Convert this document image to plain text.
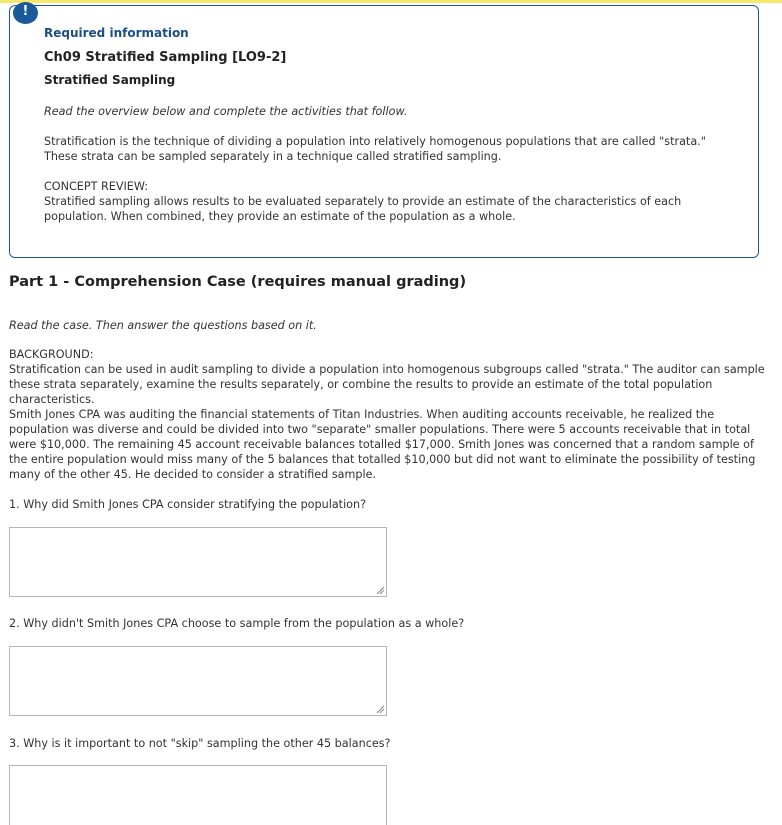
!
Required information
Ch09 Stratified Sampling [LO9-2]
Stratified Sampling
Read the overview below and complete the activities that follow.
Stratification is the technique of dividing a population into relatively homogenous populations that are called "strata."
These strata can be sampled separately in a technique called stratified sampling.
CONCEPT REVIEW:
Stratified sampling allows results to be evaluated separately to provide an estimate of the characteristics of each
population. When combined, they provide an estimate of the population as a whole.
Part 1 - Comprehension Case (requires manual grading)
Read the case. Then answer the questions based on it.
BACKGROUND:
Stratification can be used in audit sampling to divide a population into homogenous subgroups called "strata." The auditor can sample
these strata separately, examine the results separately, or combine the results to provide an estimate of the total population
characteristics.
Smith Jones CPA was auditing the financial statements of Titan Industries. When auditing accounts receivable, he realized the
population was diverse and could be divided into two "separate" smaller populations. There were 5 accounts receivable that in total
were $10,000. The remaining 45 account receivable balances totalled $17,000. Smith Jones was concerned that a random sample of
the entire population would miss many of the 5 balances that totalled $10,000 but did not want to eliminate the possibility of testing
many of the other 45. He decided to consider a stratified sample.
1. Why did Smith Jones CPA consider stratifying the population?
2. Why didn't Smith Jones CPA choose to sample from the population as a whole?
3. Why is it important to not "skip" sampling the other 45 balances?
